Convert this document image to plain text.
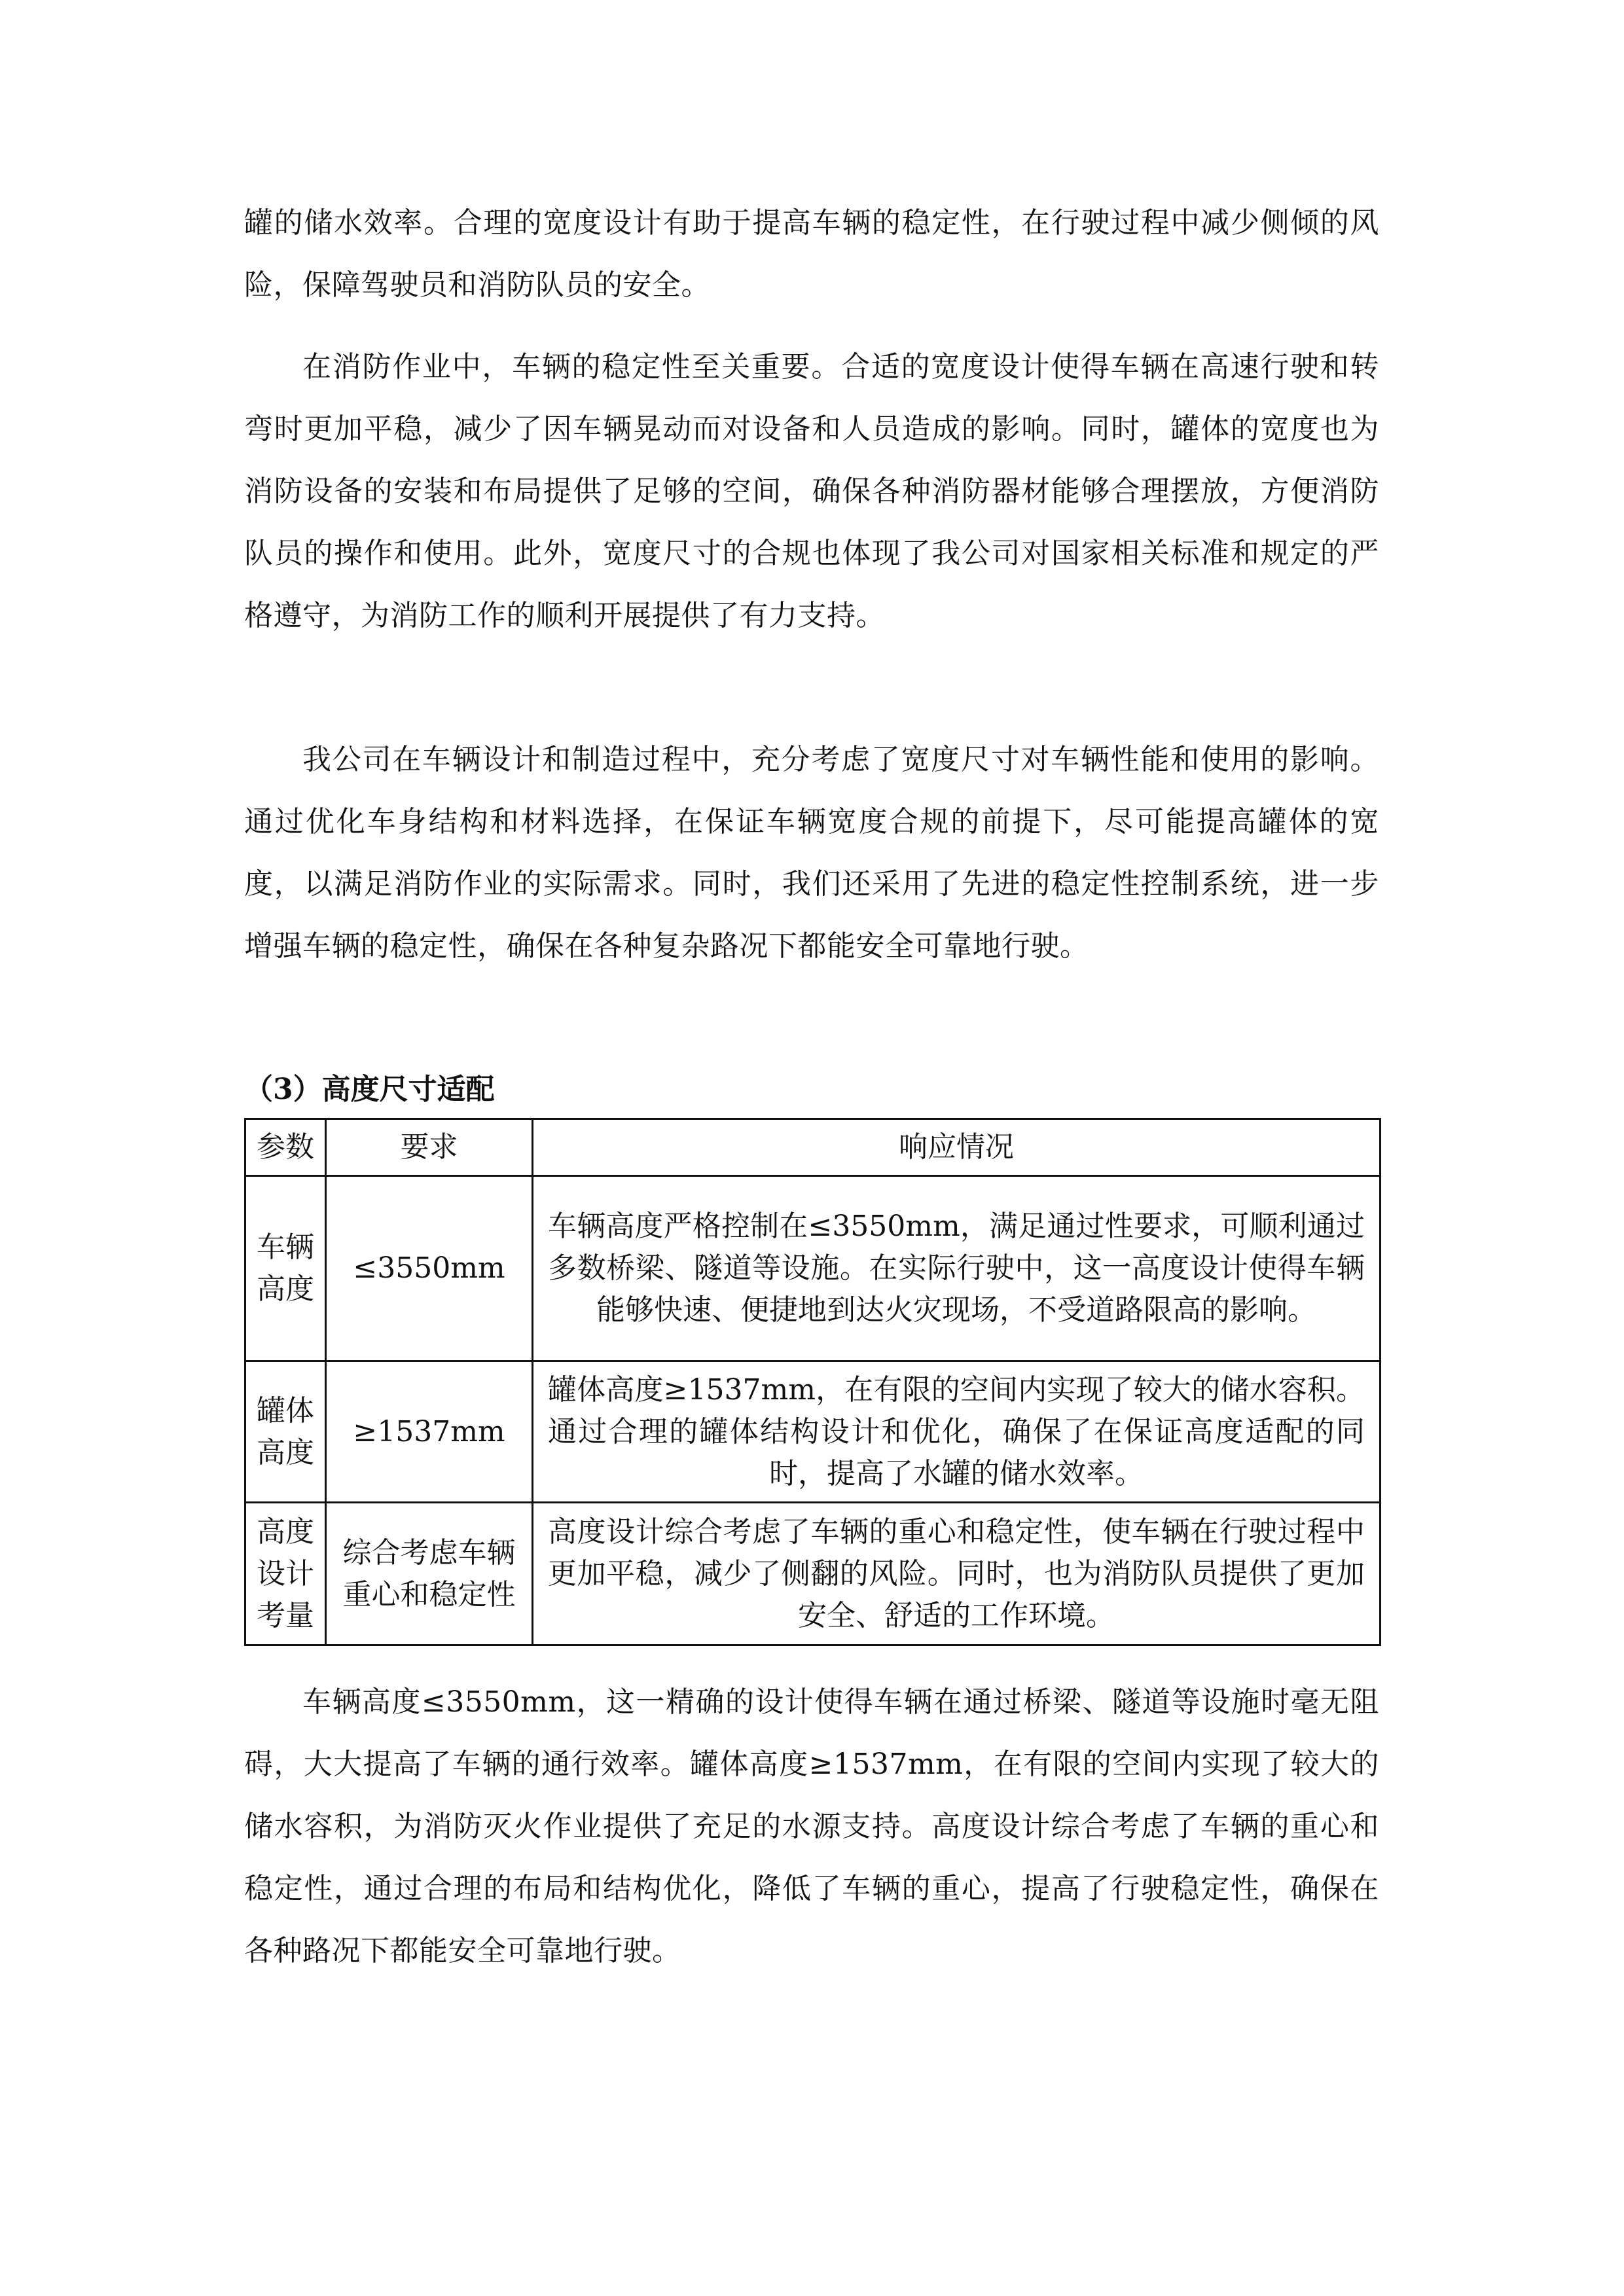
罐的储水效率。合理的宽度设计有助于提高车辆的稳定性，在行驶过程中减少侧倾的风险，保障驾驶员和消防队员的安全。

在消防作业中，车辆的稳定性至关重要。合适的宽度设计使得车辆在高速行驶和转弯时更加平稳，减少了因车辆晃动而对设备和人员造成的影响。同时，罐体的宽度也为消防设备的安装和布局提供了足够的空间，确保各种消防器材能够合理摆放，方便消防队员的操作和使用。此外，宽度尺寸的合规也体现了我公司对国家相关标准和规定的严格遵守，为消防工作的顺利开展提供了有力支持。

我公司在车辆设计和制造过程中，充分考虑了宽度尺寸对车辆性能和使用的影响。通过优化车身结构和材料选择，在保证车辆宽度合规的前提下，尽可能提高罐体的宽度，以满足消防作业的实际需求。同时，我们还采用了先进的稳定性控制系统，进一步增强车辆的稳定性，确保在各种复杂路况下都能安全可靠地行驶。

（3）高度尺寸适配
参数	要求	响应情况
车辆高度	≤3550mm	车辆高度严格控制在≤3550mm，满足通过性要求，可顺利通过多数桥梁、隧道等设施。在实际行驶中，这一高度设计使得车辆能够快速、便捷地到达火灾现场，不受道路限高的影响。
罐体高度	≥1537mm	罐体高度≥1537mm，在有限的空间内实现了较大的储水容积。通过合理的罐体结构设计和优化，确保了在保证高度适配的同时，提高了水罐的储水效率。
高度设计考量	综合考虑车辆重心和稳定性	高度设计综合考虑了车辆的重心和稳定性，使车辆在行驶过程中更加平稳，减少了侧翻的风险。同时，也为消防队员提供了更加安全、舒适的工作环境。

车辆高度≤3550mm，这一精确的设计使得车辆在通过桥梁、隧道等设施时毫无阻碍，大大提高了车辆的通行效率。罐体高度≥1537mm，在有限的空间内实现了较大的储水容积，为消防灭火作业提供了充足的水源支持。高度设计综合考虑了车辆的重心和稳定性，通过合理的布局和结构优化，降低了车辆的重心，提高了行驶稳定性，确保在各种路况下都能安全可靠地行驶。
